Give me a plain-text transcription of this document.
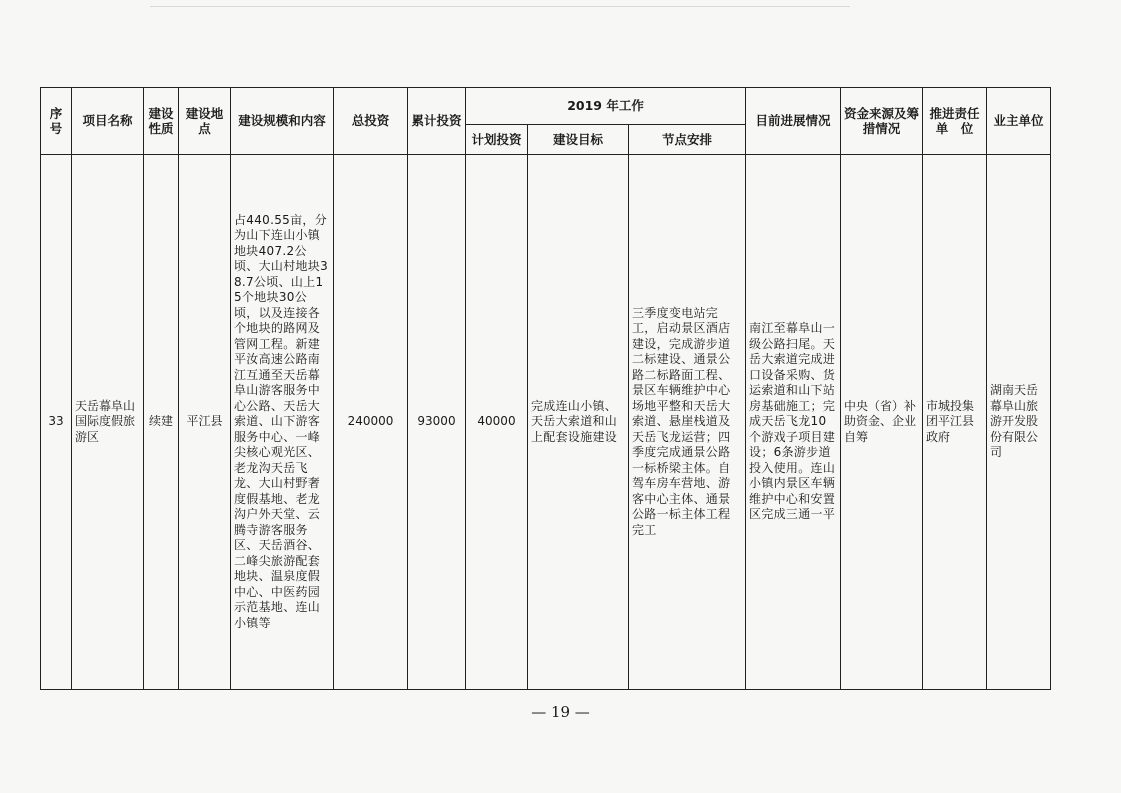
序号	项目名称	建设性质	建设地点	建设规模和内容	总投资	累计投资	2019 年工作			目前进展情况	资金来源及筹措情况	推进责任单　位	业主单位
							计划投资	建设目标	节点安排				
33	天岳幕阜山国际度假旅游区	续建	平江县	占440.55亩，分为山下连山小镇地块407.2公顷、大山村地块38.7公顷、山上15个地块30公顷，以及连接各个地块的路网及管网工程。新建平汝高速公路南江互通至天岳幕阜山游客服务中心公路、天岳大索道、山下游客服务中心、一峰尖核心观光区、老龙沟天岳飞龙、大山村野奢度假基地、老龙沟户外天堂、云腾寺游客服务区、天岳酒谷、二峰尖旅游配套地块、温泉度假中心、中医药园示范基地、连山小镇等	240000	93000	40000	完成连山小镇、天岳大索道和山上配套设施建设	三季度变电站完工，启动景区酒店建设，完成游步道二标建设、通景公路二标路面工程、景区车辆维护中心场地平整和天岳大索道、悬崖栈道及天岳飞龙运营；四季度完成通景公路一标桥梁主体。自驾车房车营地、游客中心主体、通景公路一标主体工程完工	南江至幕阜山一级公路扫尾。天岳大索道完成进口设备采购、货运索道和山下站房基础施工；完成天岳飞龙10个游戏子项目建设；6条游步道投入使用。连山小镇内景区车辆维护中心和安置区完成三通一平	中央（省）补助资金、企业自筹	市城投集团平江县政府	湖南天岳幕阜山旅游开发股份有限公司
— 19 —
